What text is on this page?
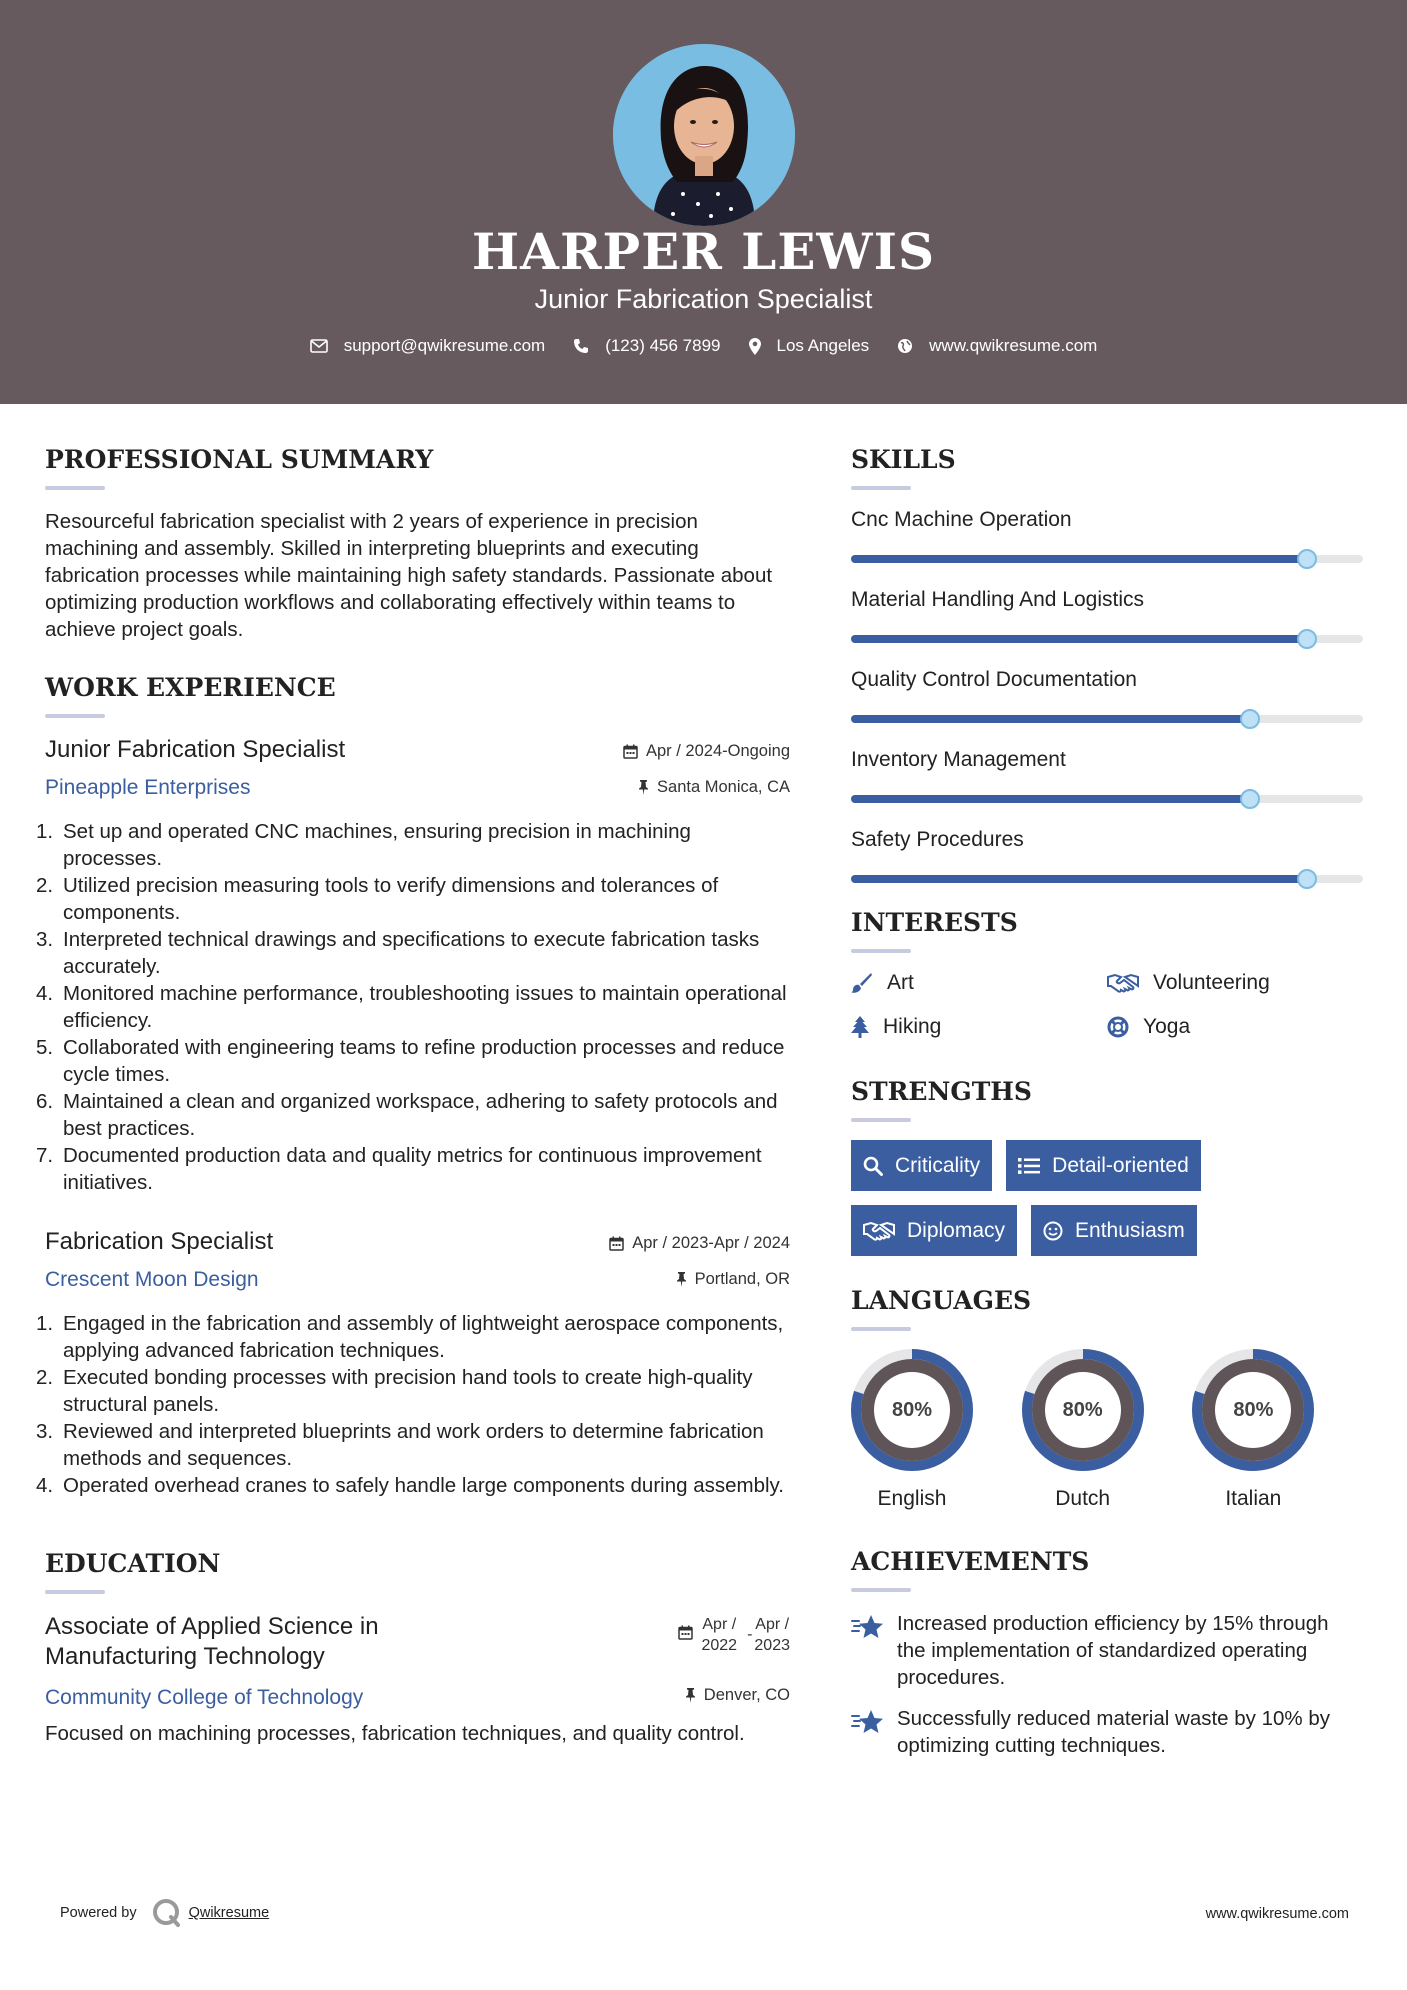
HARPER LEWIS
Junior Fabrication Specialist
support@qwikresume.com	(123) 456 7899	Los Angeles	www.qwikresume.com
PROFESSIONAL SUMMARY
Resourceful fabrication specialist with 2 years of experience in precision machining and assembly. Skilled in interpreting blueprints and executing fabrication processes while maintaining high safety standards. Passionate about optimizing production workflows and collaborating effectively within teams to achieve project goals.
WORK EXPERIENCE
Junior Fabrication Specialist	Apr / 2024-Ongoing
Pineapple Enterprises	Santa Monica, CA
1. Set up and operated CNC machines, ensuring precision in machining processes.
2. Utilized precision measuring tools to verify dimensions and tolerances of components.
3. Interpreted technical drawings and specifications to execute fabrication tasks accurately.
4. Monitored machine performance, troubleshooting issues to maintain operational efficiency.
5. Collaborated with engineering teams to refine production processes and reduce cycle times.
6. Maintained a clean and organized workspace, adhering to safety protocols and best practices.
7. Documented production data and quality metrics for continuous improvement initiatives.
Fabrication Specialist	Apr / 2023-Apr / 2024
Crescent Moon Design	Portland, OR
1. Engaged in the fabrication and assembly of lightweight aerospace components, applying advanced fabrication techniques.
2. Executed bonding processes with precision hand tools to create high-quality structural panels.
3. Reviewed and interpreted blueprints and work orders to determine fabrication methods and sequences.
4. Operated overhead cranes to safely handle large components during assembly.
EDUCATION
Associate of Applied Science in
Manufacturing Technology
Apr /
2022
-
Apr /
2023
Community College of Technology	Denver, CO
Focused on machining processes, fabrication techniques, and quality control.
SKILLS
Cnc Machine Operation
Material Handling And Logistics
Quality Control Documentation
Inventory Management
Safety Procedures
INTERESTS
Art	Volunteering
Hiking	Yoga
STRENGTHS
Criticality	Detail-oriented
Diplomacy	Enthusiasm
LANGUAGES
80%
English
80%
Dutch
80%
Italian
ACHIEVEMENTS
Increased production efficiency by 15% through the implementation of standardized operating procedures.
Successfully reduced material waste by 10% by optimizing cutting techniques.
Powered by	Qwikresume	www.qwikresume.com
